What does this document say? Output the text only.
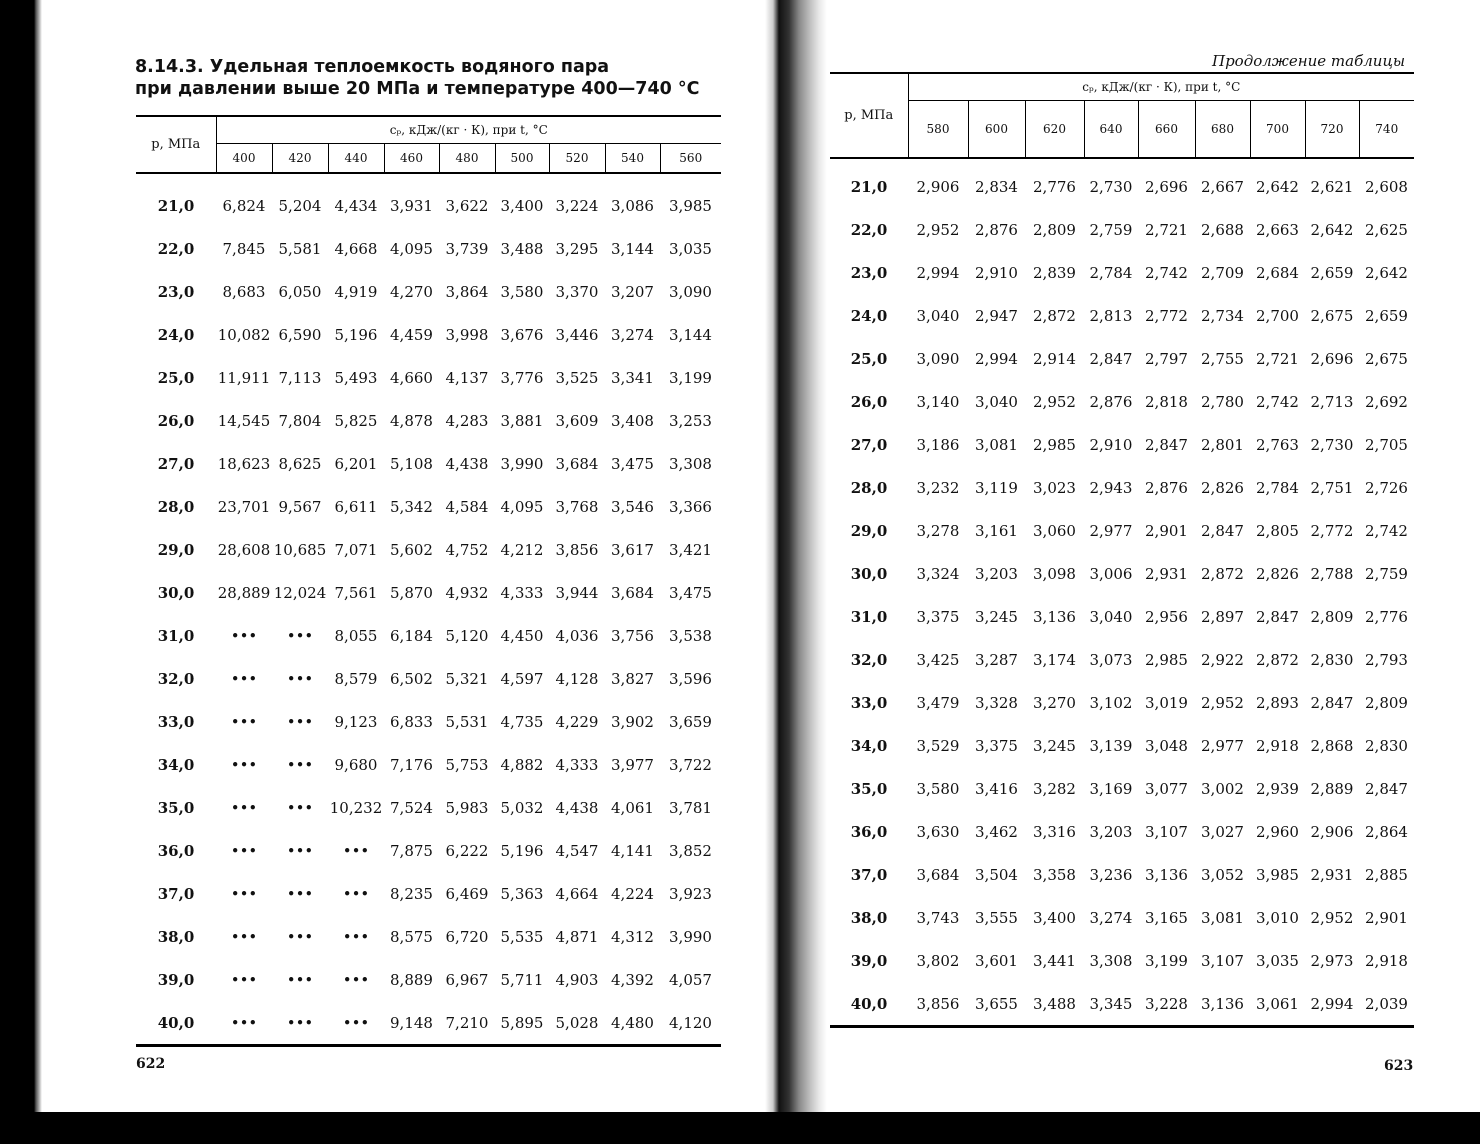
8.14.3. Удельная теплоемкость водяного пара
при давлении выше 20 МПа и температуре 400—740 °С
p, МПа	cₚ, кДж/(кг · К), при t, °С								
	400	420	440	460	480	500	520	540	560
21,0	6,824	5,204	4,434	3,931	3,622	3,400	3,224	3,086	3,985
22,0	7,845	5,581	4,668	4,095	3,739	3,488	3,295	3,144	3,035
23,0	8,683	6,050	4,919	4,270	3,864	3,580	3,370	3,207	3,090
24,0	10,082	6,590	5,196	4,459	3,998	3,676	3,446	3,274	3,144
25,0	11,911	7,113	5,493	4,660	4,137	3,776	3,525	3,341	3,199
26,0	14,545	7,804	5,825	4,878	4,283	3,881	3,609	3,408	3,253
27,0	18,623	8,625	6,201	5,108	4,438	3,990	3,684	3,475	3,308
28,0	23,701	9,567	6,611	5,342	4,584	4,095	3,768	3,546	3,366
29,0	28,608	10,685	7,071	5,602	4,752	4,212	3,856	3,617	3,421
30,0	28,889	12,024	7,561	5,870	4,932	4,333	3,944	3,684	3,475
31,0	•••	•••	8,055	6,184	5,120	4,450	4,036	3,756	3,538
32,0	•••	•••	8,579	6,502	5,321	4,597	4,128	3,827	3,596
33,0	•••	•••	9,123	6,833	5,531	4,735	4,229	3,902	3,659
34,0	•••	•••	9,680	7,176	5,753	4,882	4,333	3,977	3,722
35,0	•••	•••	10,232	7,524	5,983	5,032	4,438	4,061	3,781
36,0	•••	•••	•••	7,875	6,222	5,196	4,547	4,141	3,852
37,0	•••	•••	•••	8,235	6,469	5,363	4,664	4,224	3,923
38,0	•••	•••	•••	8,575	6,720	5,535	4,871	4,312	3,990
39,0	•••	•••	•••	8,889	6,967	5,711	4,903	4,392	4,057
40,0	•••	•••	•••	9,148	7,210	5,895	5,028	4,480	4,120
622
Продолжение таблицы
p, МПа	cₚ, кДж/(кг · К), при t, °С								
	580	600	620	640	660	680	700	720	740
21,0	2,906	2,834	2,776	2,730	2,696	2,667	2,642	2,621	2,608
22,0	2,952	2,876	2,809	2,759	2,721	2,688	2,663	2,642	2,625
23,0	2,994	2,910	2,839	2,784	2,742	2,709	2,684	2,659	2,642
24,0	3,040	2,947	2,872	2,813	2,772	2,734	2,700	2,675	2,659
25,0	3,090	2,994	2,914	2,847	2,797	2,755	2,721	2,696	2,675
26,0	3,140	3,040	2,952	2,876	2,818	2,780	2,742	2,713	2,692
27,0	3,186	3,081	2,985	2,910	2,847	2,801	2,763	2,730	2,705
28,0	3,232	3,119	3,023	2,943	2,876	2,826	2,784	2,751	2,726
29,0	3,278	3,161	3,060	2,977	2,901	2,847	2,805	2,772	2,742
30,0	3,324	3,203	3,098	3,006	2,931	2,872	2,826	2,788	2,759
31,0	3,375	3,245	3,136	3,040	2,956	2,897	2,847	2,809	2,776
32,0	3,425	3,287	3,174	3,073	2,985	2,922	2,872	2,830	2,793
33,0	3,479	3,328	3,270	3,102	3,019	2,952	2,893	2,847	2,809
34,0	3,529	3,375	3,245	3,139	3,048	2,977	2,918	2,868	2,830
35,0	3,580	3,416	3,282	3,169	3,077	3,002	2,939	2,889	2,847
36,0	3,630	3,462	3,316	3,203	3,107	3,027	2,960	2,906	2,864
37,0	3,684	3,504	3,358	3,236	3,136	3,052	3,985	2,931	2,885
38,0	3,743	3,555	3,400	3,274	3,165	3,081	3,010	2,952	2,901
39,0	3,802	3,601	3,441	3,308	3,199	3,107	3,035	2,973	2,918
40,0	3,856	3,655	3,488	3,345	3,228	3,136	3,061	2,994	2,039
623
